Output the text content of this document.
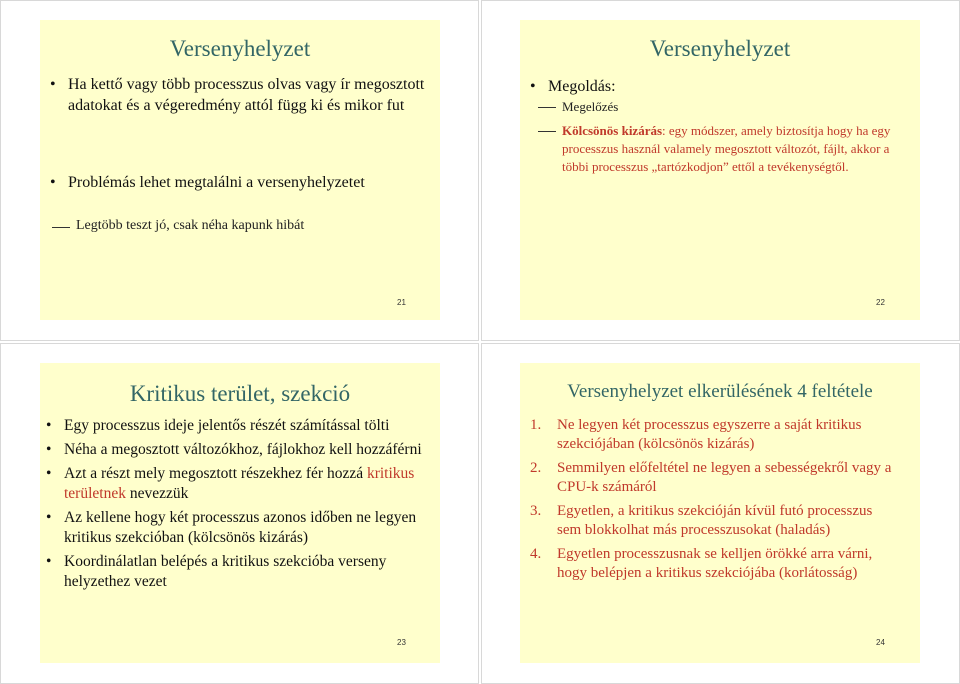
Versenyhelyzet
• Ha kettő vagy több processzus olvas vagy ír megosztott adatokat és a végeredmény attól függ ki és mikor fut
• Problémás lehet megtalálni a versenyhelyzetet
Legtöbb teszt jó, csak néha kapunk hibát
21
Versenyhelyzet
• Megoldás:
Megelőzés
Kölcsönös kizárás: egy módszer, amely biztosítja hogy ha egy processzus használ valamely megosztott változót, fájlt, akkor a többi processzus „tartózkodjon” ettől a tevékenységtől.
22
Kritikus terület, szekció
• Egy processzus ideje jelentős részét számítással tölti
• Néha a megosztott változókhoz, fájlokhoz kell hozzáférni
• Azt a részt mely megosztott részekhez fér hozzá kritikus területnek nevezzük
• Az kellene hogy két processzus azonos időben ne legyen kritikus szekcióban (kölcsönös kizárás)
• Koordinálatlan belépés a kritikus szekcióba verseny helyzethez vezet
23
Versenyhelyzet elkerülésének 4 feltétele
1. Ne legyen két processzus egyszerre a saját kritikus szekciójában (kölcsönös kizárás)
2. Semmilyen előfeltétel ne legyen a sebességekről vagy a CPU-k számáról
3. Egyetlen, a kritikus szekcióján kívül futó processzus sem blokkolhat más processzusokat (haladás)
4. Egyetlen processzusnak se kelljen örökké arra várni, hogy belépjen a kritikus szekciójába (korlátosság)
24
